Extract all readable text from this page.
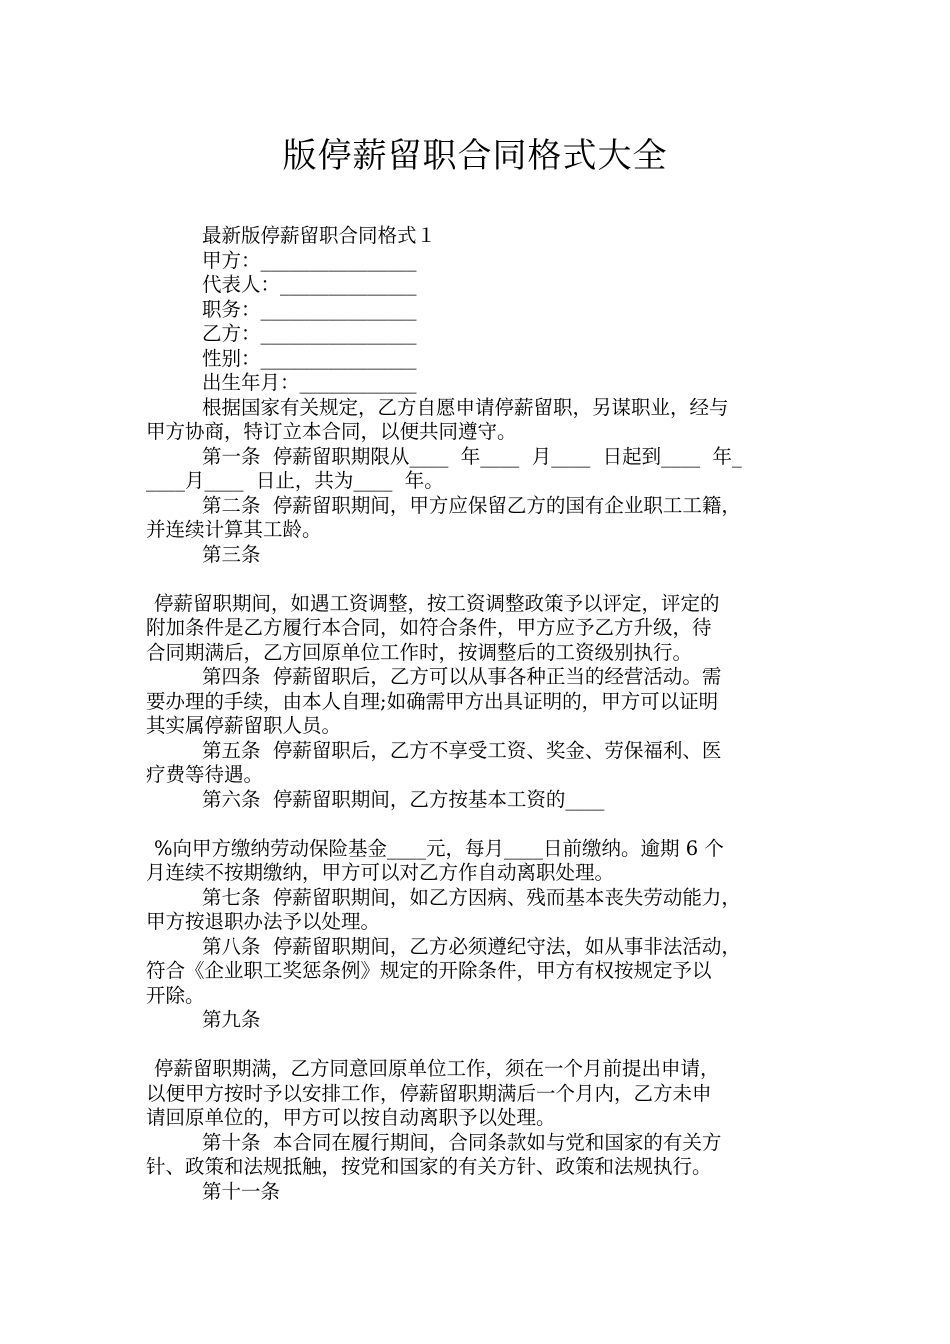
版停薪留职合同格式大全
最新版停薪留职合同格式１
甲方：________________
代表人：______________
职务：________________
乙方：________________
性别：________________
出生年月：____________
根据国家有关规定，乙方自愿申请停薪留职，另谋职业，经与
甲方协商，特订立本合同，以便共同遵守。
第一条  停薪留职期限从____  年____  月____  日起到____  年_
____月____  日止，共为____  年。
第二条  停薪留职期间，甲方应保留乙方的国有企业职工工籍，
并连续计算其工龄。
第三条
停薪留职期间，如遇工资调整，按工资调整政策予以评定，评定的
附加条件是乙方履行本合同，如符合条件，甲方应予乙方升级，待
合同期满后，乙方回原单位工作时，按调整后的工资级别执行。
第四条  停薪留职后，乙方可以从事各种正当的经营活动。需
要办理的手续，由本人自理;如确需甲方出具证明的，甲方可以证明
其实属停薪留职人员。
第五条  停薪留职后，乙方不享受工资、奖金、劳保福利、医
疗费等待遇。
第六条  停薪留职期间，乙方按基本工资的____
%向甲方缴纳劳动保险基金____元，每月____日前缴纳。逾期 6 个
月连续不按期缴纳，甲方可以对乙方作自动离职处理。
第七条  停薪留职期间，如乙方因病、残而基本丧失劳动能力，
甲方按退职办法予以处理。
第八条  停薪留职期间，乙方必须遵纪守法，如从事非法活动，
符合《企业职工奖惩条例》规定的开除条件，甲方有权按规定予以
开除。
第九条
停薪留职期满，乙方同意回原单位工作，须在一个月前提出申请，
以便甲方按时予以安排工作，停薪留职期满后一个月内，乙方未申
请回原单位的，甲方可以按自动离职予以处理。
第十条  本合同在履行期间，合同条款如与党和国家的有关方
针、政策和法规抵触，按党和国家的有关方针、政策和法规执行。
第十一条
